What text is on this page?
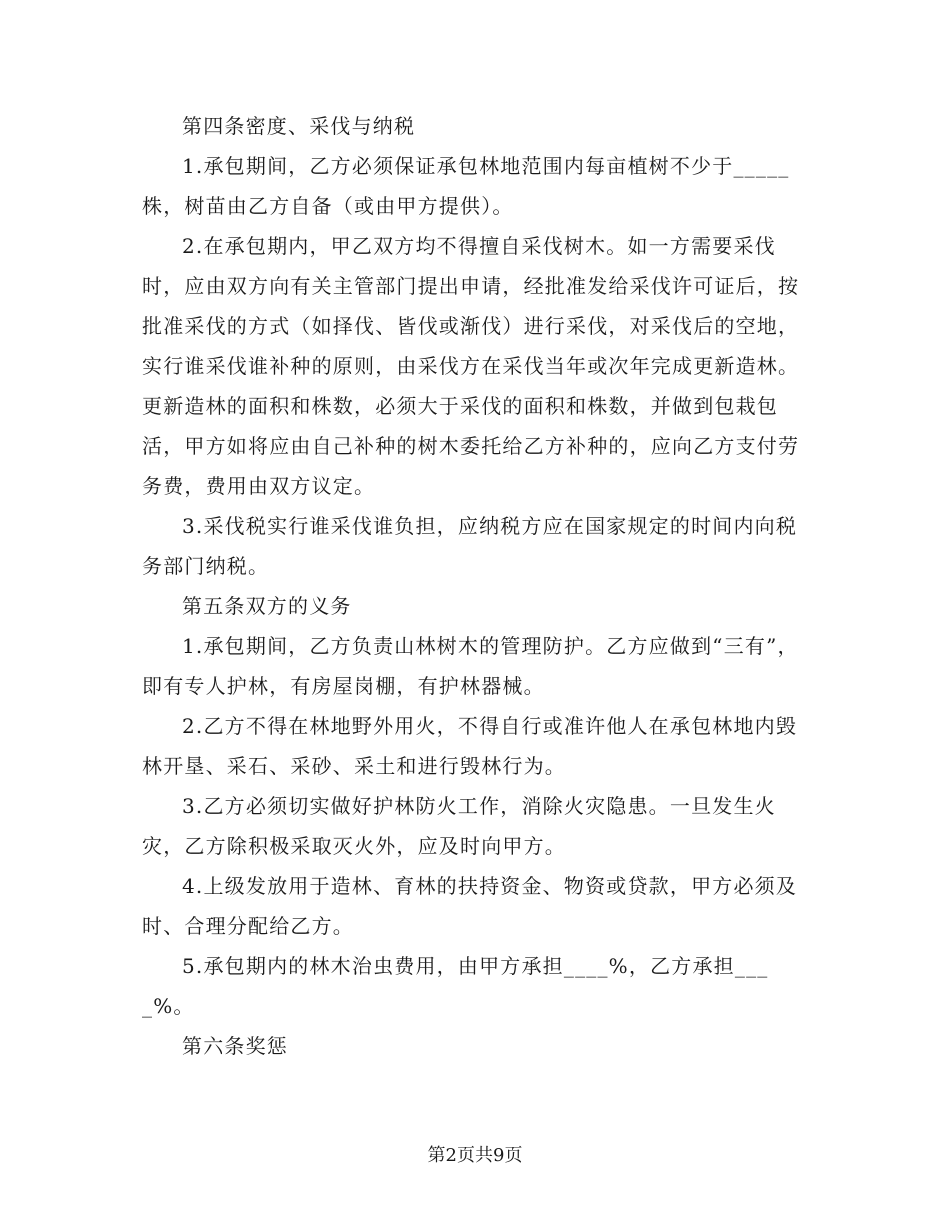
第四条密度、采伐与纳税

1.承包期间，乙方必须保证承包林地范围内每亩植树不少于_____株，树苗由乙方自备（或由甲方提供）。

2.在承包期内，甲乙双方均不得擅自采伐树木。如一方需要采伐时，应由双方向有关主管部门提出申请，经批准发给采伐许可证后，按批准采伐的方式（如择伐、皆伐或渐伐）进行采伐，对采伐后的空地，实行谁采伐谁补种的原则，由采伐方在采伐当年或次年完成更新造林。更新造林的面积和株数，必须大于采伐的面积和株数，并做到包栽包活，甲方如将应由自己补种的树木委托给乙方补种的，应向乙方支付劳务费，费用由双方议定。

3.采伐税实行谁采伐谁负担，应纳税方应在国家规定的时间内向税务部门纳税。

第五条双方的义务

1.承包期间，乙方负责山林树木的管理防护。乙方应做到“三有”，即有专人护林，有房屋岗棚，有护林器械。

2.乙方不得在林地野外用火，不得自行或准许他人在承包林地内毁林开垦、采石、采砂、采土和进行毁林行为。

3.乙方必须切实做好护林防火工作，消除火灾隐患。一旦发生火灾，乙方除积极采取灭火外，应及时向甲方。

4.上级发放用于造林、育林的扶持资金、物资或贷款，甲方必须及时、合理分配给乙方。

5.承包期内的林木治虫费用，由甲方承担____%，乙方承担____%。

第六条奖惩

第2页共9页
